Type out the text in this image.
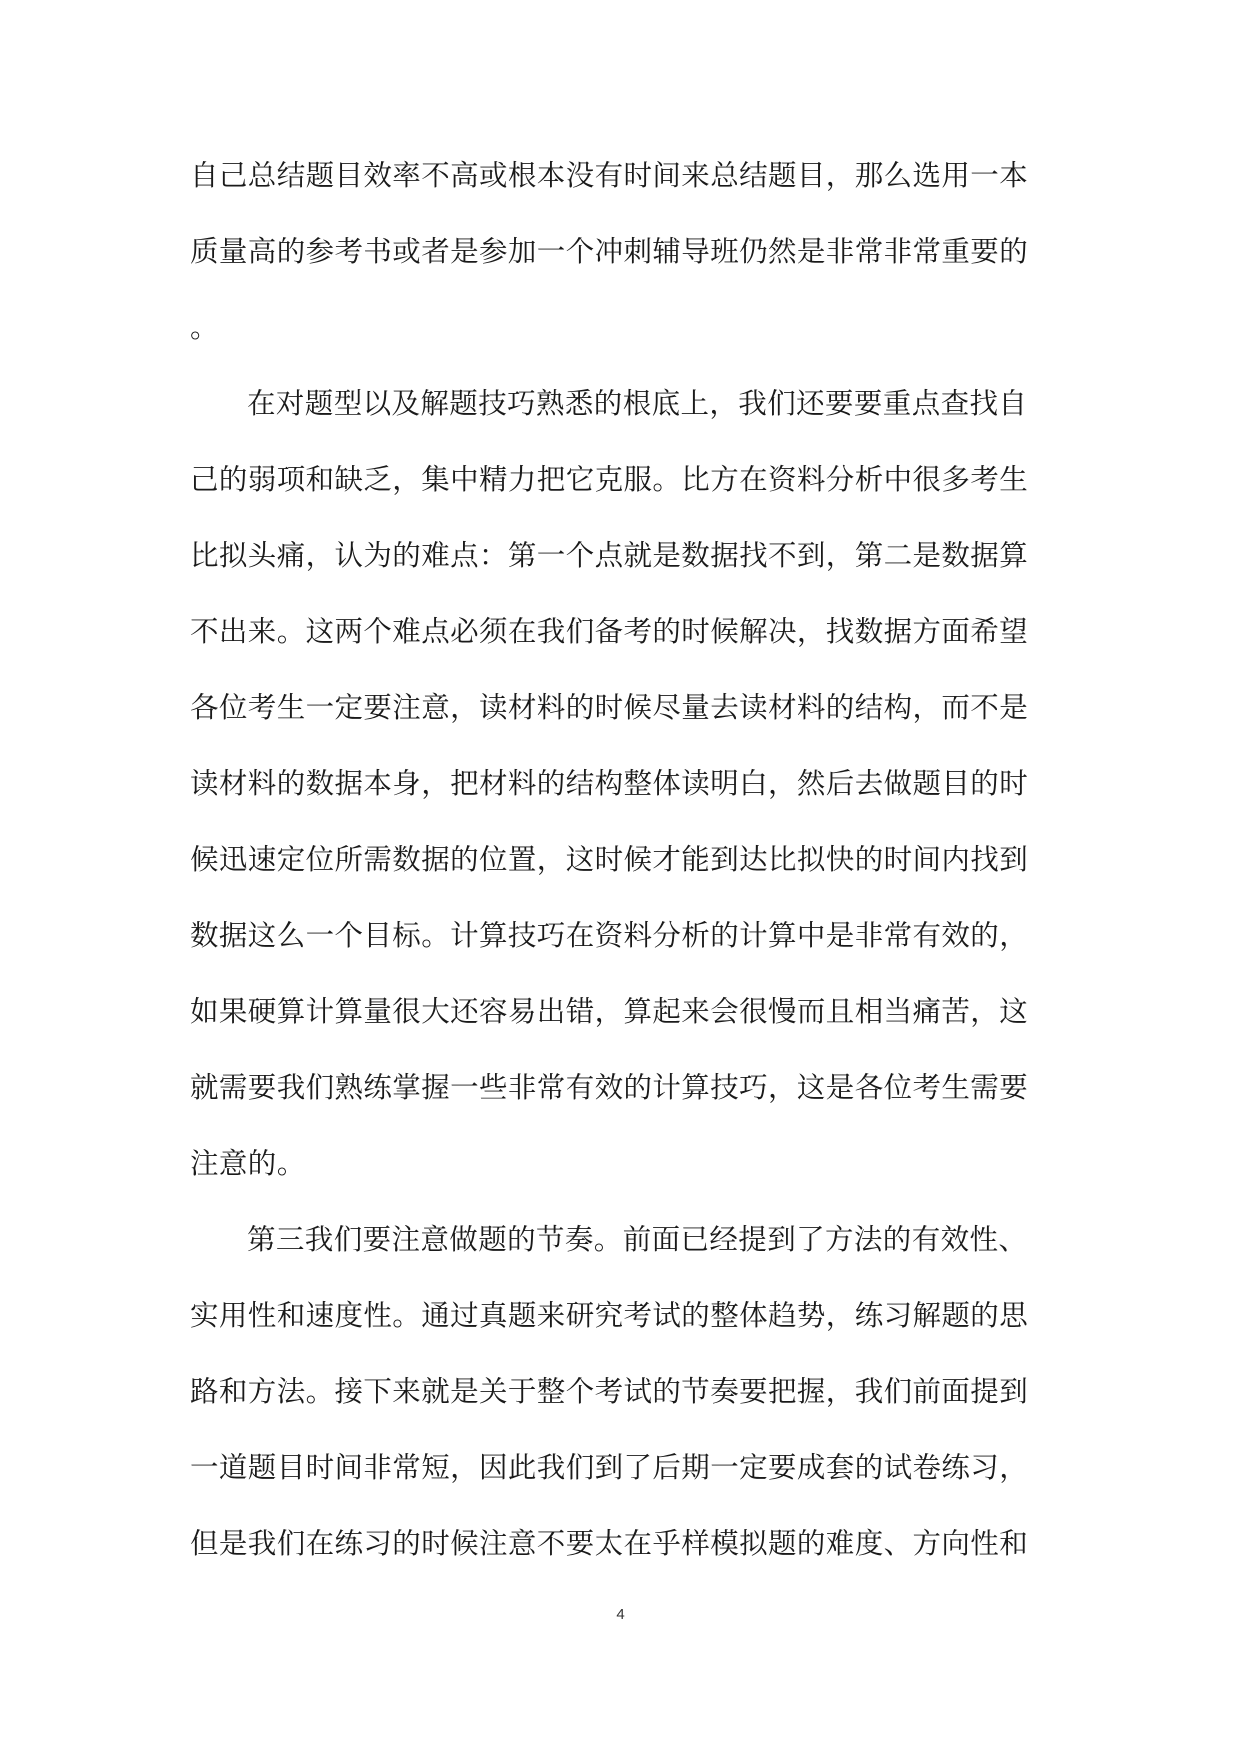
自己总结题目效率不高或根本没有时间来总结题目，那么选用一本
质量高的参考书或者是参加一个冲刺辅导班仍然是非常非常重要的
。
在对题型以及解题技巧熟悉的根底上，我们还要要重点查找自
己的弱项和缺乏，集中精力把它克服。比方在资料分析中很多考生
比拟头痛，认为的难点：第一个点就是数据找不到，第二是数据算
不出来。这两个难点必须在我们备考的时候解决，找数据方面希望
各位考生一定要注意，读材料的时候尽量去读材料的结构，而不是
读材料的数据本身，把材料的结构整体读明白，然后去做题目的时
候迅速定位所需数据的位置，这时候才能到达比拟快的时间内找到
数据这么一个目标。计算技巧在资料分析的计算中是非常有效的，
如果硬算计算量很大还容易出错，算起来会很慢而且相当痛苦，这
就需要我们熟练掌握一些非常有效的计算技巧，这是各位考生需要
注意的。
第三我们要注意做题的节奏。前面已经提到了方法的有效性、
实用性和速度性。通过真题来研究考试的整体趋势，练习解题的思
路和方法。接下来就是关于整个考试的节奏要把握，我们前面提到
一道题目时间非常短，因此我们到了后期一定要成套的试卷练习，
但是我们在练习的时候注意不要太在乎样模拟题的难度、方向性和
4
